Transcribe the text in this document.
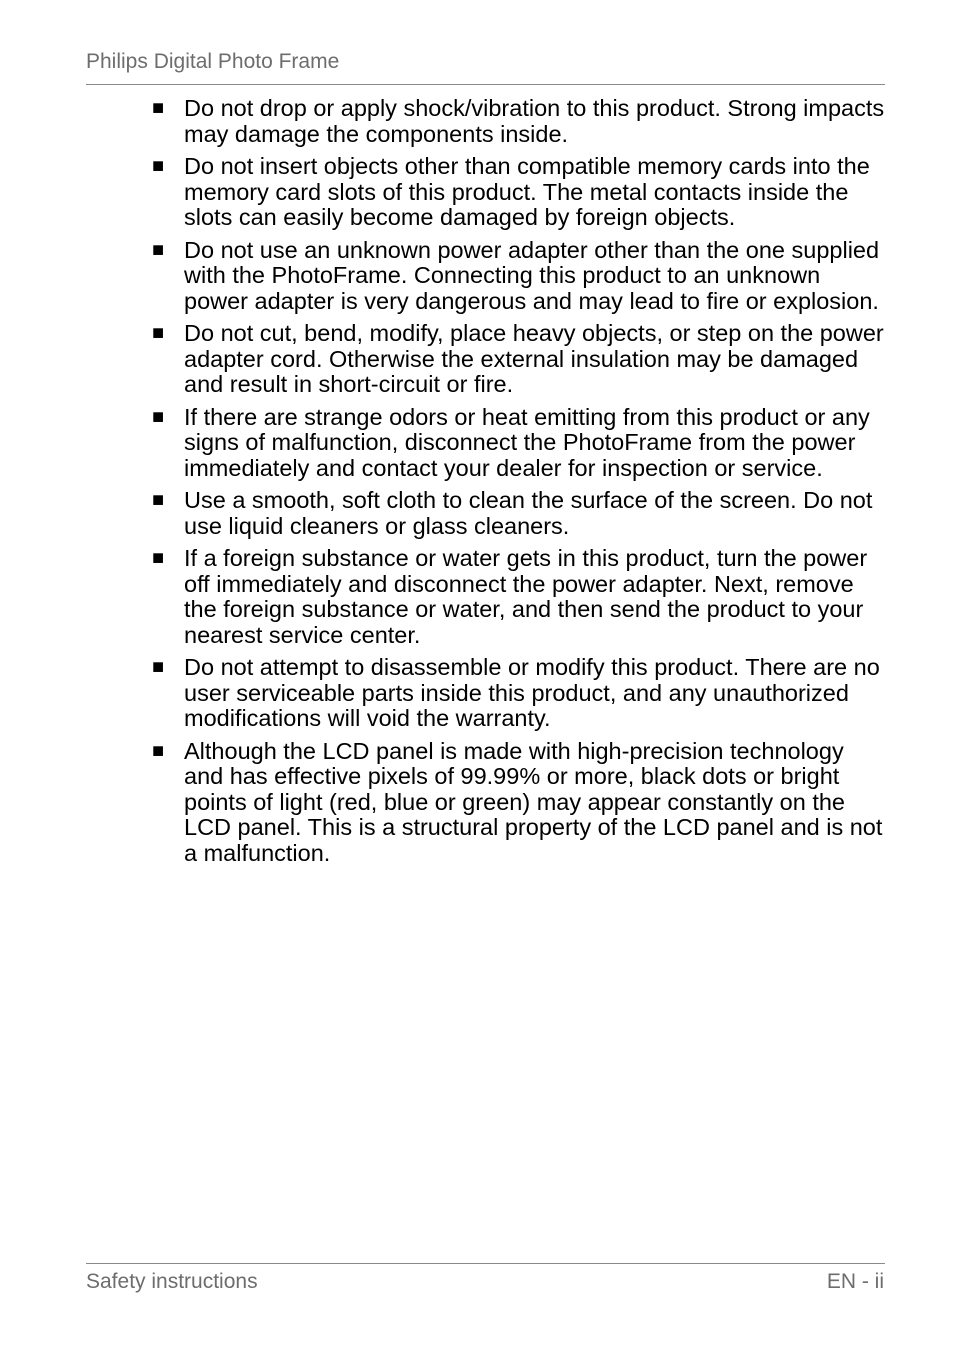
Philips Digital Photo Frame
■ Do not drop or apply shock/vibration to this product. Strong impacts may damage the components inside.
■ Do not insert objects other than compatible memory cards into the memory card slots of this product. The metal contacts inside the slots can easily become damaged by foreign objects.
■ Do not use an unknown power adapter other than the one supplied with the PhotoFrame. Connecting this product to an unknown power adapter is very dangerous and may lead to fire or explosion.
■ Do not cut, bend, modify, place heavy objects, or step on the power adapter cord. Otherwise the external insulation may be damaged and result in short-circuit or fire.
■ If there are strange odors or heat emitting from this product or any signs of malfunction, disconnect the PhotoFrame from the power immediately and contact your dealer for inspection or service.
■ Use a smooth, soft cloth to clean the surface of the screen. Do not use liquid cleaners or glass cleaners.
■ If a foreign substance or water gets in this product, turn the power off immediately and disconnect the power adapter. Next, remove the foreign substance or water, and then send the product to your nearest service center.
■ Do not attempt to disassemble or modify this product. There are no user serviceable parts inside this product, and any unauthorized modifications will void the warranty.
■ Although the LCD panel is made with high-precision technology and has effective pixels of 99.99% or more, black dots or bright points of light (red, blue or green) may appear constantly on the LCD panel. This is a structural property of the LCD panel and is not a malfunction.
Safety instructions	EN - ii
